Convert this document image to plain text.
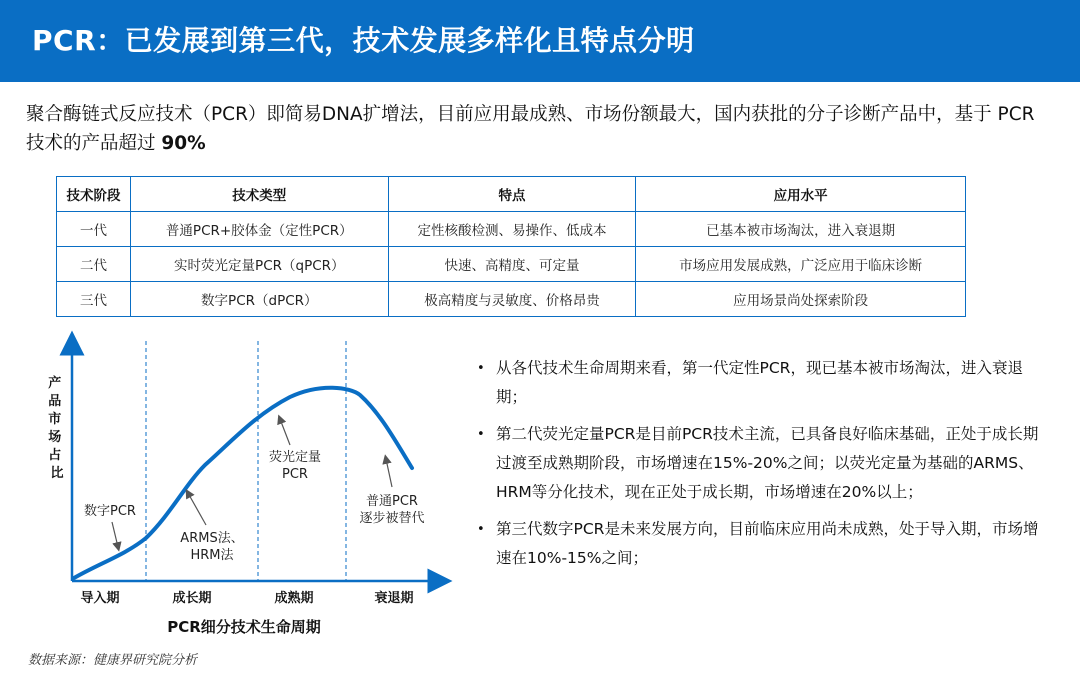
PCR：已发展到第三代，技术发展多样化且特点分明

聚合酶链式反应技术（PCR）即简易DNA扩增法，目前应用最成熟、市场份额最大，国内获批的分子诊断产品中，基于 PCR 技术的产品超过 90%

技术阶段	技术类型	特点	应用水平
一代	普通PCR+胶体金（定性PCR）	定性核酸检测、易操作、低成本	已基本被市场淘汰，进入衰退期
二代	实时荧光定量PCR（qPCR）	快速、高精度、可定量	市场应用发展成熟，广泛应用于临床诊断
三代	数字PCR（dPCR）	极高精度与灵敏度、价格昂贵	应用场景尚处探索阶段
产 品 市 场 占 比
导入期	成长期	成熟期	衰退期
PCR细分技术生命周期
数字PCR
ARMS法、
HRM法
荧光定量
PCR
普通PCR
逐步被替代
• 从各代技术生命周期来看，第一代定性PCR，现已基本被市场淘汰，进入衰退期；
• 第二代荧光定量PCR是目前PCR技术主流，已具备良好临床基础，正处于成长期过渡至成熟期阶段，市场增速在15%-20%之间；以荧光定量为基础的ARMS、HRM等分化技术，现在正处于成长期，市场增速在20%以上；
• 第三代数字PCR是未来发展方向，目前临床应用尚未成熟，处于导入期，市场增速在10%-15%之间；
数据来源：健康界研究院分析
